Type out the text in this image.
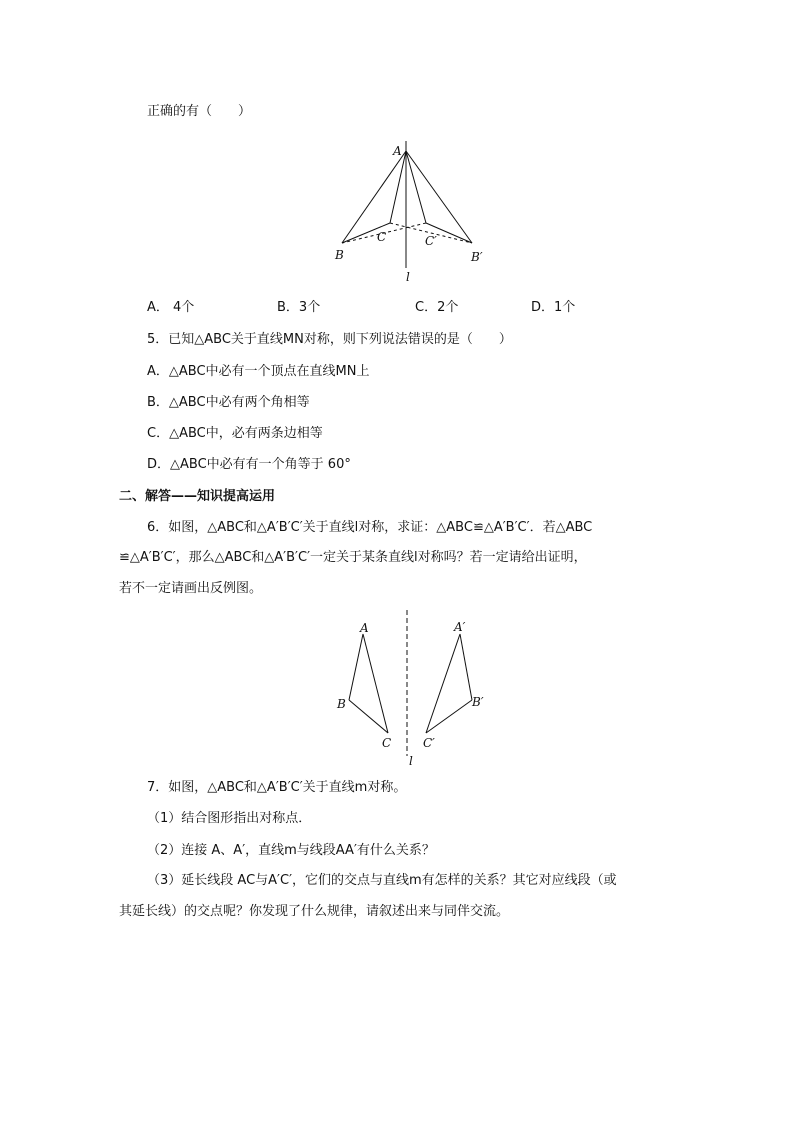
正确的有（　　）
A
B
C	C′
B′
l
A． 4个	B．3个	C．2个	D．1个
5．已知△ABC关于直线MN对称，则下列说法错误的是（　　）
A．△ABC中必有一个顶点在直线MN上
B．△ABC中必有两个角相等
C．△ABC中，必有两条边相等
D．△ABC中必有有一个角等于 60°
二、解答——知识提高运用
6．如图，△ABC和△A′B′C′关于直线l对称，求证：△ABC≌△A′B′C′．若△ABC
≌△A′B′C′，那么△ABC和△A′B′C′一定关于某条直线l对称吗？若一定请给出证明，
若不一定请画出反例图。
A
B
C
A′
B′
C′
l
7．如图，△ABC和△A′B′C′关于直线m对称。
（1）结合图形指出对称点．
（2）连接 A、A′，直线m与线段AA′有什么关系？
（3）延长线段 AC与A′C′，它们的交点与直线m有怎样的关系？其它对应线段（或
其延长线）的交点呢？你发现了什么规律，请叙述出来与同伴交流。
